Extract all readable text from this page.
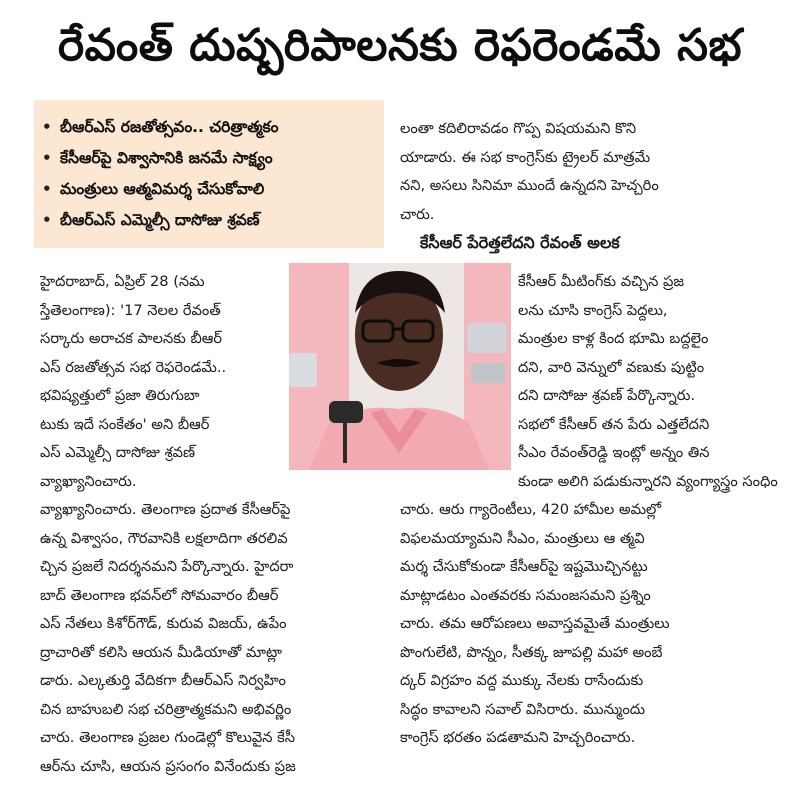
రేవంత్ దుష్పరిపాలనకు రెఫరెండమే సభ
• బీఆర్ఎస్ రజతోత్సవం.. చరిత్రాత్మకం
• కేసీఆర్‌పై విశ్వాసానికి జనమే సాక్ష్యం
• మంత్రులు ఆత్మవిమర్శ చేసుకోవాలి
• బీఆర్ఎస్ ఎమ్మెల్సీ దాసోజు శ్రవణ్
హైదరాబాద్, ఏప్రిల్ 28 (నమ
స్తేతెలంగాణ): '17 నెలల రేవంత్
సర్కారు అరాచక పాలనకు బీఆర్
ఎస్ రజతోత్సవ సభ రెఫరెండమే..
భవిష్యత్తులో ప్రజా తిరుగుబా
టుకు ఇదే సంకేతం' అని బీఆర్
ఎస్ ఎమ్మెల్సీ దాసోజు శ్రవణ్
వ్యాఖ్యానించారు.
వ్యాఖ్యానించారు. తెలంగాణ ప్రదాత కేసీఆర్‌పై
ఉన్న విశ్వాసం, గౌరవానికి లక్షలాదిగా తరలివ
చ్చిన ప్రజలే నిదర్శనమని పేర్కొన్నారు. హైదరా
బాద్ తెలంగాణ భవన్‌లో సోమవారం బీఆర్
ఎస్ నేతలు కిశోర్‌గౌడ్, కురువ విజయ్, ఉపేం
ద్రాచారితో కలిసి ఆయన మీడియాతో మాట్లా
డారు. ఎల్కతుర్తి వేదికగా బీఆర్ఎస్ నిర్వహిం
చిన బాహుబలి సభ చరిత్రాత్మకమని అభివర్ణిం
చారు. తెలంగాణ ప్రజల గుండెల్లో కొలువైన కేసీ
ఆర్‌ను చూసి, ఆయన ప్రసంగం వినేందుకు ప్రజ
లంతా కదిలిరావడం గొప్ప విషయమని కొని
యాడారు. ఈ సభ కాంగ్రెస్‌కు ట్రైలర్ మాత్రమే
నని, అసలు సినిమా ముందే ఉన్నదని హెచ్చరిం
చారు.
కేసీఆర్ పేరెత్తలేదని రేవంత్ అలక
కేసీఆర్ మీటింగ్‌కు వచ్చిన ప్రజ
లను చూసి కాంగ్రెస్ పెద్దలు,
మంత్రుల కాళ్ల కింద భూమి బద్దలైం
దని, వారి వెన్నులో వణుకు పుట్టిం
దని దాసోజు శ్రవణ్ పేర్కొన్నారు.
సభలో కేసీఆర్ తన పేరు ఎత్తలేదని
సీఎం రేవంత్‌రెడ్డి ఇంట్లో అన్నం తిన
కుండా అలిగి పడుకున్నారని వ్యంగ్యాస్త్రం సంధిం
చారు. ఆరు గ్యారెంటీలు, 420 హామీల అమల్లో
విఫలమయ్యామని సీఎం, మంత్రులు ఆ త్మవి
మర్శ చేసుకోకుండా కేసీఆర్‌పై ఇష్టమొచ్చినట్టు
మాట్లాడటం ఎంతవరకు సమంజసమని ప్రశ్నిం
చారు. తమ ఆరోపణలు అవాస్తవమైతే మంత్రులు
పొంగులేటి, పొన్నం, సీతక్క జూపల్లి మహా అంబే
ద్కర్ విగ్రహం వద్ద ముక్కు నేలకు రాసేందుకు
సిద్ధం కావాలని సవాల్ విసిరారు. మున్ముందు
కాంగ్రెస్ భరతం పడతామని హెచ్చరించారు.
